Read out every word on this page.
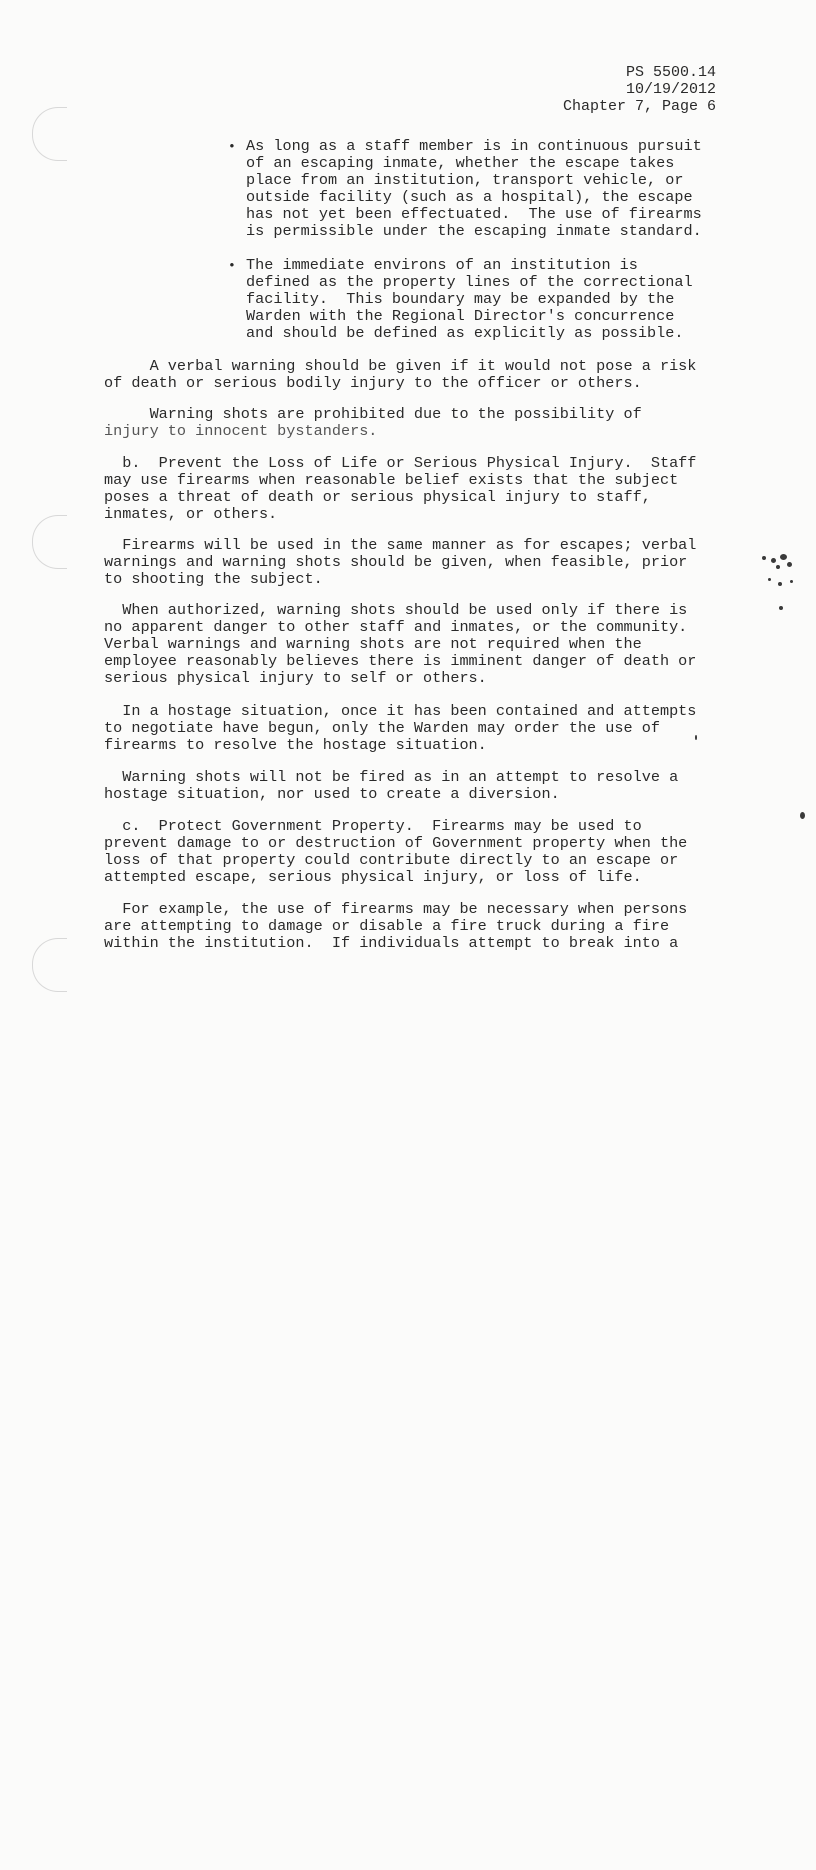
PS 5500.14
10/19/2012
Chapter 7, Page 6

•

As long as a staff member is in continuous pursuit

of an escaping inmate, whether the escape takes

place from an institution, transport vehicle, or

outside facility (such as a hospital), the escape

has not yet been effectuated.  The use of firearms

is permissible under the escaping inmate standard.

•

The immediate environs of an institution is

defined as the property lines of the correctional

facility.  This boundary may be expanded by the

Warden with the Regional Director's concurrence

and should be defined as explicitly as possible.

A verbal warning should be given if it would not pose a risk

of death or serious bodily injury to the officer or others.

Warning shots are prohibited due to the possibility of

injury to innocent bystanders.

b.  Prevent the Loss of Life or Serious Physical Injury.  Staff

may use firearms when reasonable belief exists that the subject

poses a threat of death or serious physical injury to staff,

inmates, or others.

Firearms will be used in the same manner as for escapes; verbal

warnings and warning shots should be given, when feasible, prior

to shooting the subject.

When authorized, warning shots should be used only if there is

no apparent danger to other staff and inmates, or the community.

Verbal warnings and warning shots are not required when the

employee reasonably believes there is imminent danger of death or

serious physical injury to self or others.

In a hostage situation, once it has been contained and attempts

to negotiate have begun, only the Warden may order the use of

firearms to resolve the hostage situation.

Warning shots will not be fired as in an attempt to resolve a

hostage situation, nor used to create a diversion.

c.  Protect Government Property.  Firearms may be used to

prevent damage to or destruction of Government property when the

loss of that property could contribute directly to an escape or

attempted escape, serious physical injury, or loss of life.

For example, the use of firearms may be necessary when persons

are attempting to damage or disable a fire truck during a fire

within the institution.  If individuals attempt to break into a
